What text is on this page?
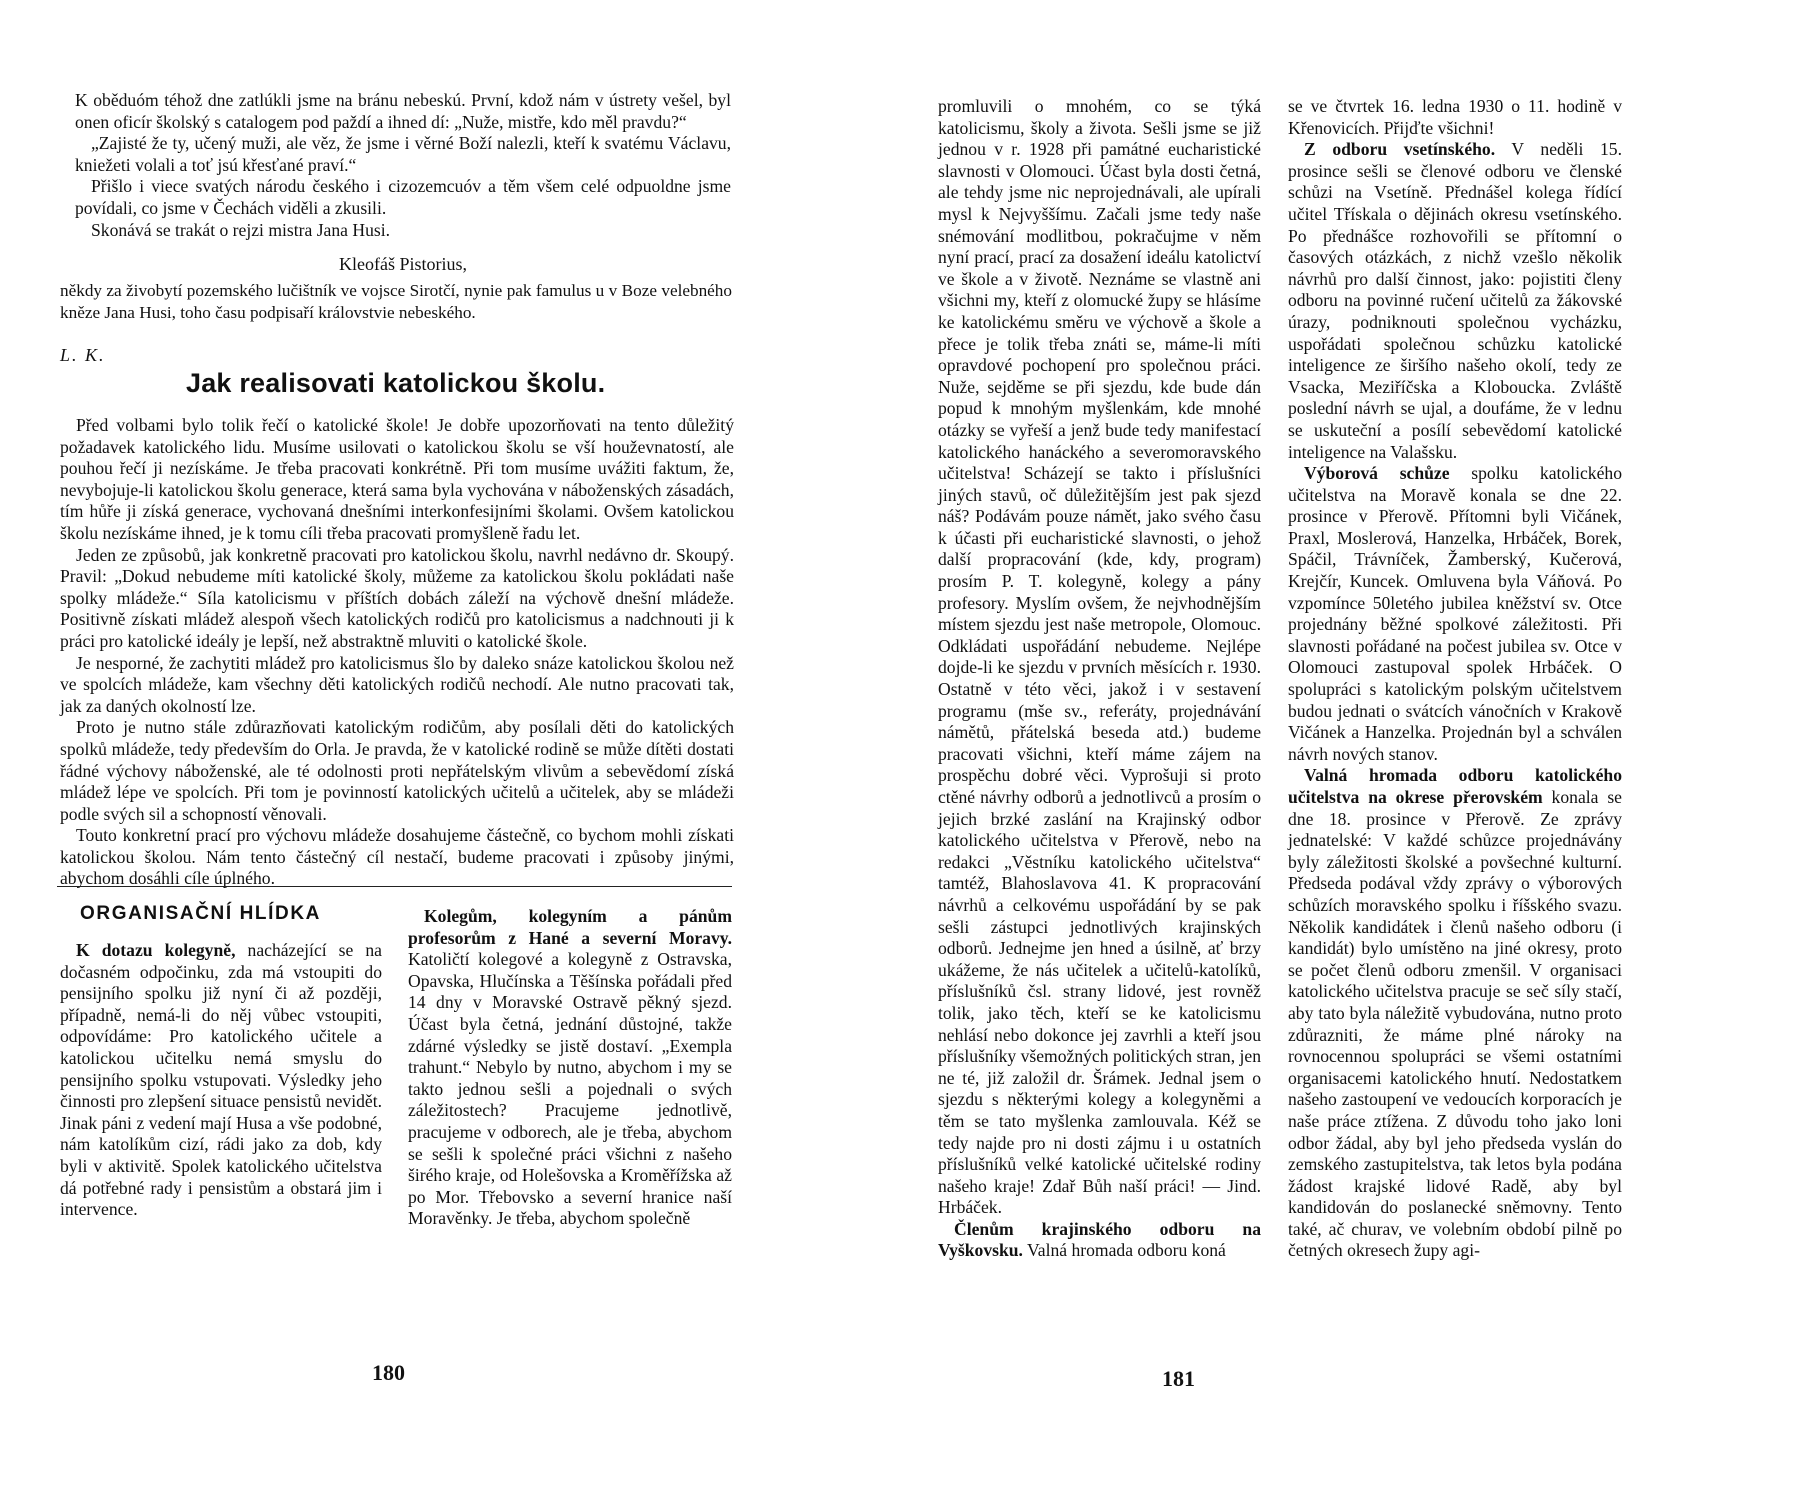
K oběduóm téhož dne zatlúkli jsme na bránu nebeskú. První, kdož nám v ústrety vešel, byl onen oficír školský s catalogem pod paždí a ihned dí: „Nuže, mistře, kdo měl pravdu?“

„Zajisté že ty, učený muži, ale věz, že jsme i věrné Boží nalezli, kteří k svatému Václavu, kniežeti volali a toť jsú křesťané praví.“

Přišlo i viece svatých národu českého i cizozemcuóv a těm všem celé odpuoldne jsme povídali, co jsme v Čechách viděli a zkusili.

Skonává se trakát o rejzi mistra Jana Husi.

Kleofáš Pistorius,

někdy za živobytí pozemského lučištník ve vojsce Sirotčí, nynie pak famulus u v Boze velebného kněze Jana Husi, toho času podpisaří královstvie nebeského.

L. K.
Jak realisovati katolickou školu.

Před volbami bylo tolik řečí o katolické škole! Je dobře upozorňovati na tento důležitý požadavek katolického lidu. Musíme usilovati o katolickou školu se vší houževnatostí, ale pouhou řečí ji nezískáme. Je třeba pracovati konkrétně. Při tom musíme uvážiti faktum, že, nevybojuje-li katolickou školu generace, která sama byla vychována v náboženských zásadách, tím hůře ji získá generace, vychovaná dnešními interkonfesijními školami. Ovšem katolickou školu nezískáme ihned, je k tomu cíli třeba pracovati promyšleně řadu let.

Jeden ze způsobů, jak konkretně pracovati pro katolickou školu, navrhl nedávno dr. Skoupý. Pravil: „Dokud nebudeme míti katolické školy, můžeme za katolickou školu pokládati naše spolky mládeže.“ Síla katolicismu v příštích dobách záleží na výchově dnešní mládeže. Positivně získati mládež alespoň všech katolických rodičů pro katolicismus a nadchnouti ji k práci pro katolické ideály je lepší, než abstraktně mluviti o katolické škole.

Je nesporné, že zachytiti mládež pro katolicismus šlo by daleko snáze katolickou školou než ve spolcích mládeže, kam všechny děti katolických rodičů nechodí. Ale nutno pracovati tak, jak za daných okolností lze.

Proto je nutno stále zdůrazňovati katolickým rodičům, aby posílali děti do katolických spolků mládeže, tedy především do Orla. Je pravda, že v katolické rodině se může dítěti dostati řádné výchovy náboženské, ale té odolnosti proti nepřátelským vlivům a sebevědomí získá mládež lépe ve spolcích. Při tom je povinností katolických učitelů a učitelek, aby se mládeži podle svých sil a schopností věnovali.

Touto konkretní prací pro výchovu mládeže dosahujeme částečně, co bychom mohli získati katolickou školou. Nám tento částečný cíl nestačí, budeme pracovati i způsoby jinými, abychom dosáhli cíle úplného.

ORGANISAČNÍ HLÍDKA

K dotazu kolegyně, nacházející se na dočasném odpočinku, zda má vstoupiti do pensijního spolku již nyní či až později, případně, nemá-li do něj vůbec vstoupiti, odpovídáme: Pro katolického učitele a katolickou učitelku nemá smyslu do pensijního spolku vstupovati. Výsledky jeho činnosti pro zlepšení situace pensistů nevidět. Jinak páni z vedení mají Husa a vše podobné, nám katolíkům cizí, rádi jako za dob, kdy byli v aktivitě. Spolek katolického učitelstva dá potřebné rady i pensistům a obstará jim i intervence.

Kolegům, kolegyním a pánům profesorům z Hané a severní Moravy. Katoličtí kolegové a kolegyně z Ostravska, Opavska, Hlučínska a Těšínska pořádali před 14 dny v Moravské Ostravě pěkný sjezd. Účast byla četná, jednání důstojné, takže zdárné výsledky se jistě dostaví. „Exempla trahunt.“ Nebylo by nutno, abychom i my se takto jednou sešli a pojednali o svých záležitostech? Pracujeme jednotlivě, pracujeme v odborech, ale je třeba, abychom se sešli k společné práci všichni z našeho širého kraje, od Holešovska a Kroměřížska až po Mor. Třebovsko a severní hranice naší Moravěnky. Je třeba, abychom společně

180

promluvili o mnohém, co se týká katolicismu, školy a života. Sešli jsme se již jednou v r. 1928 při památné eucharistické slavnosti v Olomouci. Účast byla dosti četná, ale tehdy jsme nic neprojednávali, ale upírali mysl k Nejvyššímu. Začali jsme tedy naše snémování modlitbou, pokračujme v něm nyní prací, prací za dosažení ideálu katolictví ve škole a v životě. Neznáme se vlastně ani všichni my, kteří z olomucké župy se hlásíme ke katolickému směru ve výchově a škole a přece je tolik třeba znáti se, máme-li míti opravdové pochopení pro společnou práci. Nuže, sejděme se při sjezdu, kde bude dán popud k mnohým myšlenkám, kde mnohé otázky se vyřeší a jenž bude tedy manifestací katolického hanáckého a severomoravského učitelstva! Scházejí se takto i příslušníci jiných stavů, oč důležitějším jest pak sjezd náš? Podávám pouze námět, jako svého času k účasti při eucharistické slavnosti, o jehož další propracování (kde, kdy, program) prosím P. T. kolegyně, kolegy a pány profesory. Myslím ovšem, že nejvhodnějším místem sjezdu jest naše metropole, Olomouc. Odkládati uspořádání nebudeme. Nejlépe dojde-li ke sjezdu v prvních měsících r. 1930. Ostatně v této věci, jakož i v sestavení programu (mše sv., referáty, projednávání námětů, přátelská beseda atd.) budeme pracovati všichni, kteří máme zájem na prospěchu dobré věci. Vyprošuji si proto ctěné návrhy odborů a jednotlivců a prosím o jejich brzké zaslání na Krajinský odbor katolického učitelstva v Přerově, nebo na redakci „Věstníku katolického učitelstva“ tamtéž, Blahoslavova 41. K propracování návrhů a celkovému uspořádání by se pak sešli zástupci jednotlivých krajinských odborů. Jednejme jen hned a úsilně, ať brzy ukážeme, že nás učitelek a učitelů-katolíků, příslušníků čsl. strany lidové, jest rovněž tolik, jako těch, kteří se ke katolicismu nehlásí nebo dokonce jej zavrhli a kteří jsou příslušníky všemožných politických stran, jen ne té, již založil dr. Šrámek. Jednal jsem o sjezdu s některými kolegy a kolegyněmi a těm se tato myšlenka zamlouvala. Kéž se tedy najde pro ni dosti zájmu i u ostatních příslušníků velké katolické učitelské rodiny našeho kraje! Zdař Bůh naší práci! — Jind. Hrbáček.

Členům krajinského odboru na Vyškovsku. Valná hromada odboru koná

se ve čtvrtek 16. ledna 1930 o 11. hodině v Křenovicích. Přijďte všichni!

Z odboru vsetínského. V neděli 15. prosince sešli se členové odboru ve členské schůzi na Vsetíně. Přednášel kolega řídící učitel Třískala o dějinách okresu vsetínského. Po přednášce rozhovořili se přítomní o časových otázkách, z nichž vzešlo několik návrhů pro další činnost, jako: pojistiti členy odboru na povinné ručení učitelů za žákovské úrazy, podniknouti společnou vycházku, uspořádati společnou schůzku katolické inteligence ze širšího našeho okolí, tedy ze Vsacka, Meziříčska a Kloboucka. Zvláště poslední návrh se ujal, a doufáme, že v lednu se uskuteční a posílí sebevědomí katolické inteligence na Valašsku.

Výborová schůze spolku katolického učitelstva na Moravě konala se dne 22. prosince v Přerově. Přítomni byli Vičánek, Praxl, Moslerová, Hanzelka, Hrbáček, Borek, Spáčil, Trávníček, Žamberský, Kučerová, Krejčír, Kuncek. Omluvena byla Váňová. Po vzpomínce 50letého jubilea kněžství sv. Otce projednány běžné spolkové záležitosti. Při slavnosti pořádané na počest jubilea sv. Otce v Olomouci zastupoval spolek Hrbáček. O spolupráci s katolickým polským učitelstvem budou jednati o svátcích vánočních v Krakově Vičánek a Hanzelka. Projednán byl a schválen návrh nových stanov.

Valná hromada odboru katolického učitelstva na okrese přerovském konala se dne 18. prosince v Přerově. Ze zprávy jednatelské: V každé schůzce projednávány byly záležitosti školské a povšechné kulturní. Předseda podával vždy zprávy o výborových schůzích moravského spolku i říšského svazu. Několik kandidátek i členů našeho odboru (i kandidát) bylo umístěno na jiné okresy, proto se počet členů odboru zmenšil. V organisaci katolického učitelstva pracuje se seč síly stačí, aby tato byla náležitě vybudována, nutno proto zdůrazniti, že máme plné nároky na rovnocennou spolupráci se všemi ostatními organisacemi katolického hnutí. Nedostatkem našeho zastoupení ve vedoucích korporacích je naše práce ztížena. Z důvodu toho jako loni odbor žádal, aby byl jeho předseda vyslán do zemského zastupitelstva, tak letos byla podána žádost krajské lidové Radě, aby byl kandidován do poslanecké sněmovny. Tento také, ač churav, ve volebním období pilně po četných okresech župy agi-

181
